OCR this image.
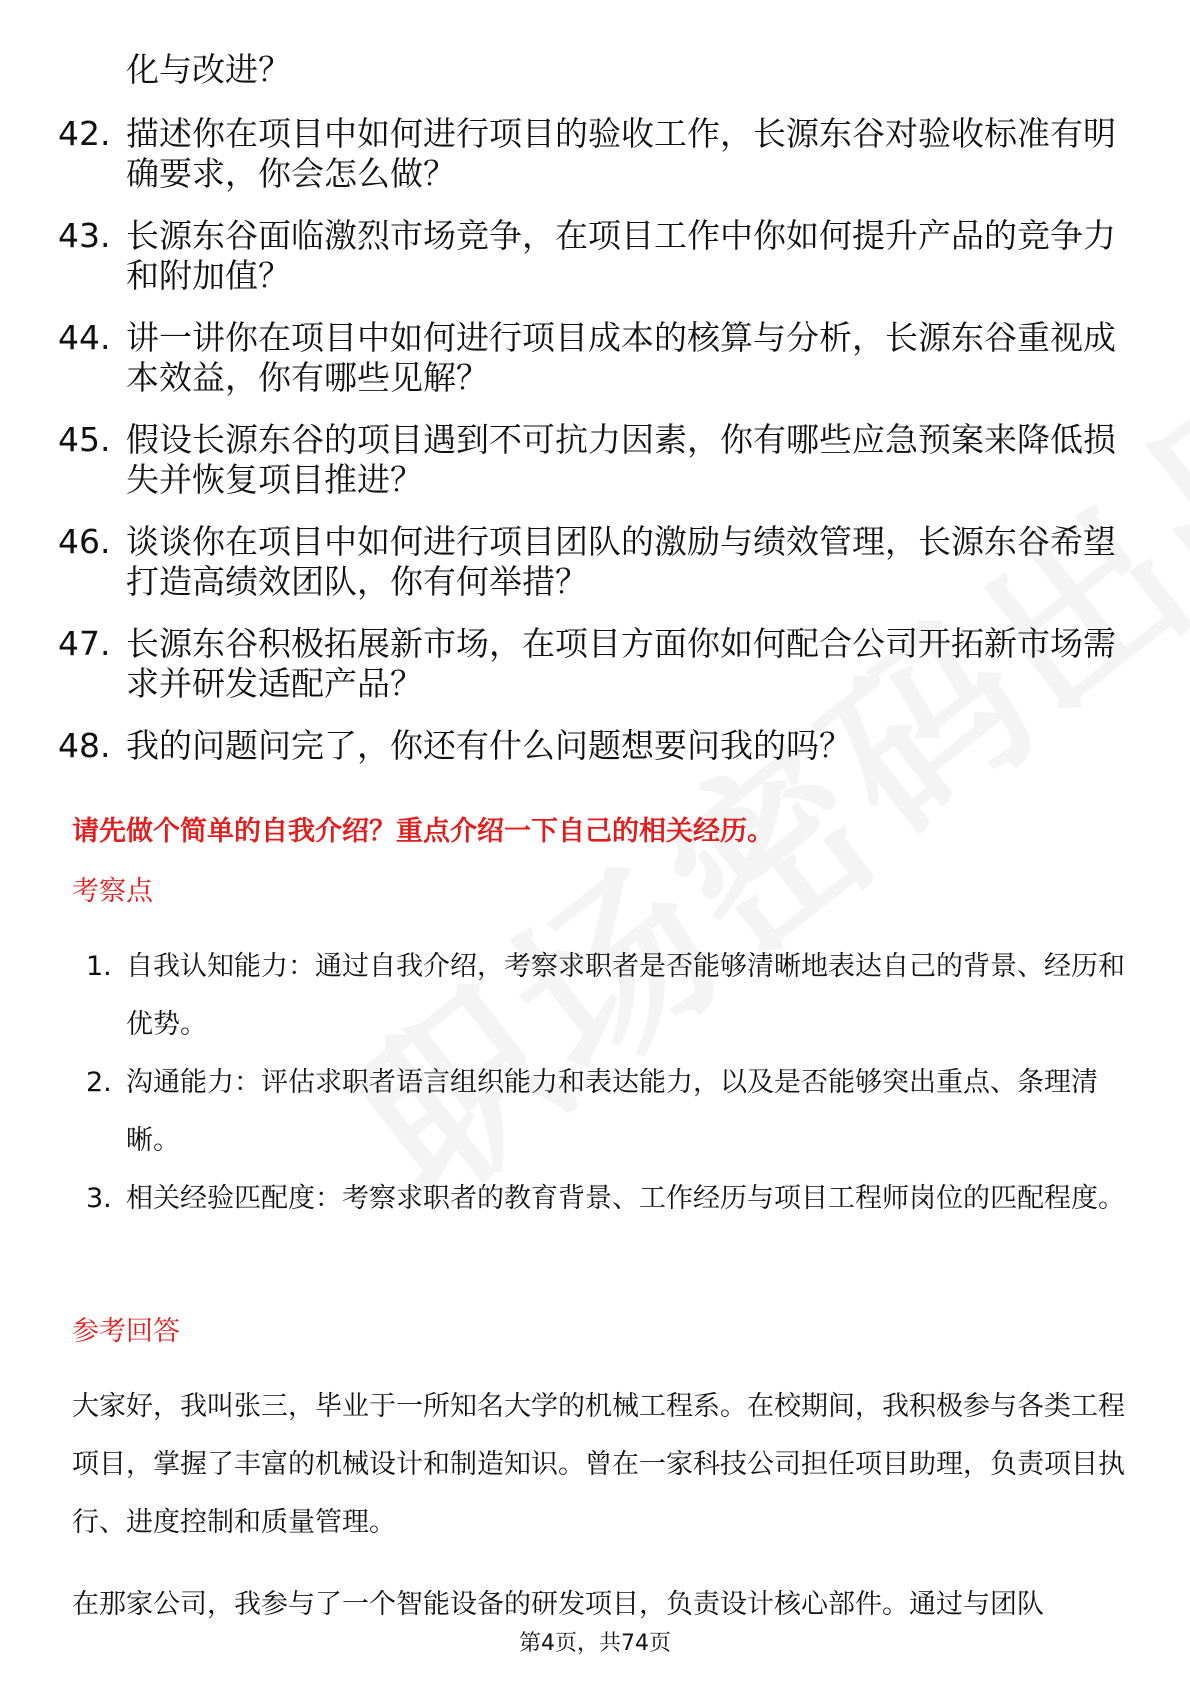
化与改进？
42. 描述你在项目中如何进行项目的验收工作，长源东谷对验收标准有明确要求，你会怎么做？
43. 长源东谷面临激烈市场竞争，在项目工作中你如何提升产品的竞争力和附加值？
44. 讲一讲你在项目中如何进行项目成本的核算与分析，长源东谷重视成本效益，你有哪些见解？
45. 假设长源东谷的项目遇到不可抗力因素，你有哪些应急预案来降低损失并恢复项目推进？
46. 谈谈你在项目中如何进行项目团队的激励与绩效管理，长源东谷希望打造高绩效团队，你有何举措？
47. 长源东谷积极拓展新市场，在项目方面你如何配合公司开拓新市场需求并研发适配产品？
48. 我的问题问完了，你还有什么问题想要问我的吗？
请先做个简单的自我介绍？重点介绍一下自己的相关经历。
考察点
1. 自我认知能力：通过自我介绍，考察求职者是否能够清晰地表达自己的背景、经历和优势。
2. 沟通能力：评估求职者语言组织能力和表达能力，以及是否能够突出重点、条理清晰。
3. 相关经验匹配度：考察求职者的教育背景、工作经历与项目工程师岗位的匹配程度。
参考回答
大家好，我叫张三，毕业于一所知名大学的机械工程系。在校期间，我积极参与各类工程项目，掌握了丰富的机械设计和制造知识。曾在一家科技公司担任项目助理，负责项目执行、进度控制和质量管理。
在那家公司，我参与了一个智能设备的研发项目，负责设计核心部件。通过与团队
第4页，共74页
